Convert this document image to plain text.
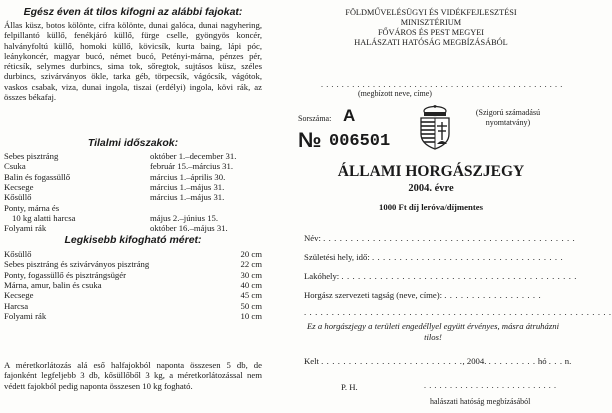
Egész éven át tilos kifogni az alábbi fajokat:
Állas küsz, botos kölönte, cifra kölönte, dunai galóca, dunai nagyhering, felpillantó küllő, fenékjáró küllő, fürge cselle, gyöngyös koncér, halványfoltú küllő, homoki küllő, kövicsík, kurta baing, lápi póc, leánykoncér, magyar bucó, német bucó, Petényi-márna, pénzes pér, réticsík, selymes durbincs, sima tok, sőregtok, sujtásos küsz, széles durbincs, szivárványos ökle, tarka géb, törpecsík, vágócsík, vágótok, vaskos csabak, viza, dunai ingola, tiszai (erdélyi) ingola, kövi rák, az összes békafaj.
Tilalmi időszakok:
Sebes pisztráng	október 1.–december 31.
Csuka	február 15.–március 31.
Balin és fogassüllő	március 1.–április 30.
Kecsege	március 1.–május 31.
Kősüllő	március 1.–május 31.
Ponty, márna és
10 kg alatti harcsa	május 2.–június 15.
Folyami rák	október 16.–május 31.
Legkisebb kifogható méret:
Kősüllő	20 cm
Sebes pisztráng és szivárványos pisztráng	22 cm
Ponty, fogassüllő és pisztrángsügér	30 cm
Márna, amur, balin és csuka	40 cm
Kecsege	45 cm
Harcsa	50 cm
Folyami rák	10 cm
A méretkorlátozás alá eső halfajokból naponta összesen 5 db, de fajonként legfeljebb 3 db, kősüllőből 3 kg, a méretkorlátozással nem védett fajokból pedig naponta összesen 10 kg fogható.
FÖLDMŰVELÉSÜGYI ÉS VIDÉKFEJLESZTÉSI
MINISZTÉRIUM
FŐVÁROS ÉS PEST MEGYEI
HALÁSZATI HATÓSÁG MEGBÍZÁSÁBÓL
. . . . . . . . . . . . . . . . . . . . . . . . . . . . . . . . . . . . . . . . . . . . . . .
(megbízott neve, címe)
Sorszáma: A
№ 006501
(Szigorú számadású nyomtatvány)
ÁLLAMI HORGÁSZJEGY
2004. évre
1000 Ft díj leróva/díjmentes
Név: . . . . . . . . . . . . . . . . . . . . . . . . . . . . . . . . . . . . . . . . . . . . . .
Születési hely, idő: . . . . . . . . . . . . . . . . . . . . . . . . . . . . . . . . . . .
Lakóhely: . . . . . . . . . . . . . . . . . . . . . . . . . . . . . . . . . . . . . . . . . . .
Horgász szervezeti tagság (neve, címe): . . . . . . . . . . . . . . . . . .
. . . . . . . . . . . . . . . . . . . . . . . . . . . . . . . . . . . . . . . . . . . . . . . . . . . . . . . .
Ez a horgászjegy a területi engedéllyel együtt érvényes, másra átruházni tilos!
Kelt . . . . . . . . . . . . . . . . . . . . . . . . . ., 2004. . . . . . . . . . hó . . . n.
P. H.	. . . . . . . . . . . . . . . . . . . . . . . . . .
halászati hatóság megbízásából
